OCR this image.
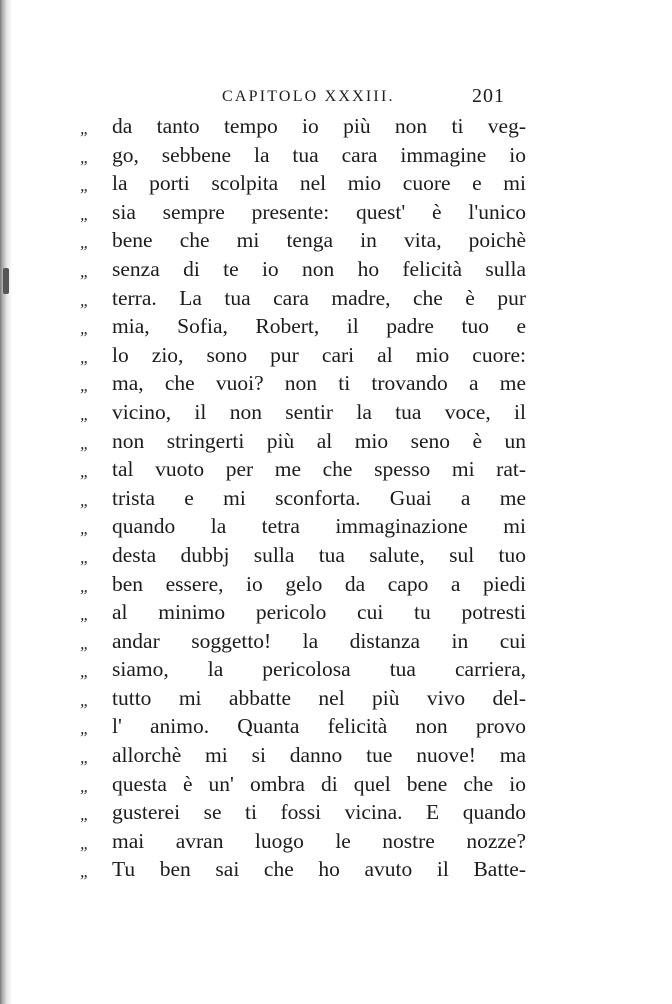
CAPITOLO XXXIII.	201
„ da tanto tempo io più non ti veg-
„ go, sebbene la tua cara immagine io
„ la porti scolpita nel mio cuore e mi
„ sia sempre presente: quest' è l'unico
„ bene che mi tenga in vita, poichè
„ senza di te io non ho felicità sulla
„ terra. La tua cara madre, che è pur
„ mia, Sofia, Robert, il padre tuo e
„ lo zio, sono pur cari al mio cuore:
„ ma, che vuoi? non ti trovando a me
„ vicino, il non sentir la tua voce, il
„ non stringerti più al mio seno è un
„ tal vuoto per me che spesso mi rat-
„ trista e mi sconforta. Guai a me
„ quando la tetra immaginazione mi
„ desta dubbj sulla tua salute, sul tuo
„ ben essere, io gelo da capo a piedi
„ al minimo pericolo cui tu potresti
„ andar soggetto! la distanza in cui
„ siamo, la pericolosa tua carriera,
„ tutto mi abbatte nel più vivo del-
„ l' animo. Quanta felicità non provo
„ allorchè mi si danno tue nuove! ma
„ questa è un' ombra di quel bene che io
„ gusterei se ti fossi vicina. E quando
„ mai avran luogo le nostre nozze?
„ Tu ben sai che ho avuto il Batte-
